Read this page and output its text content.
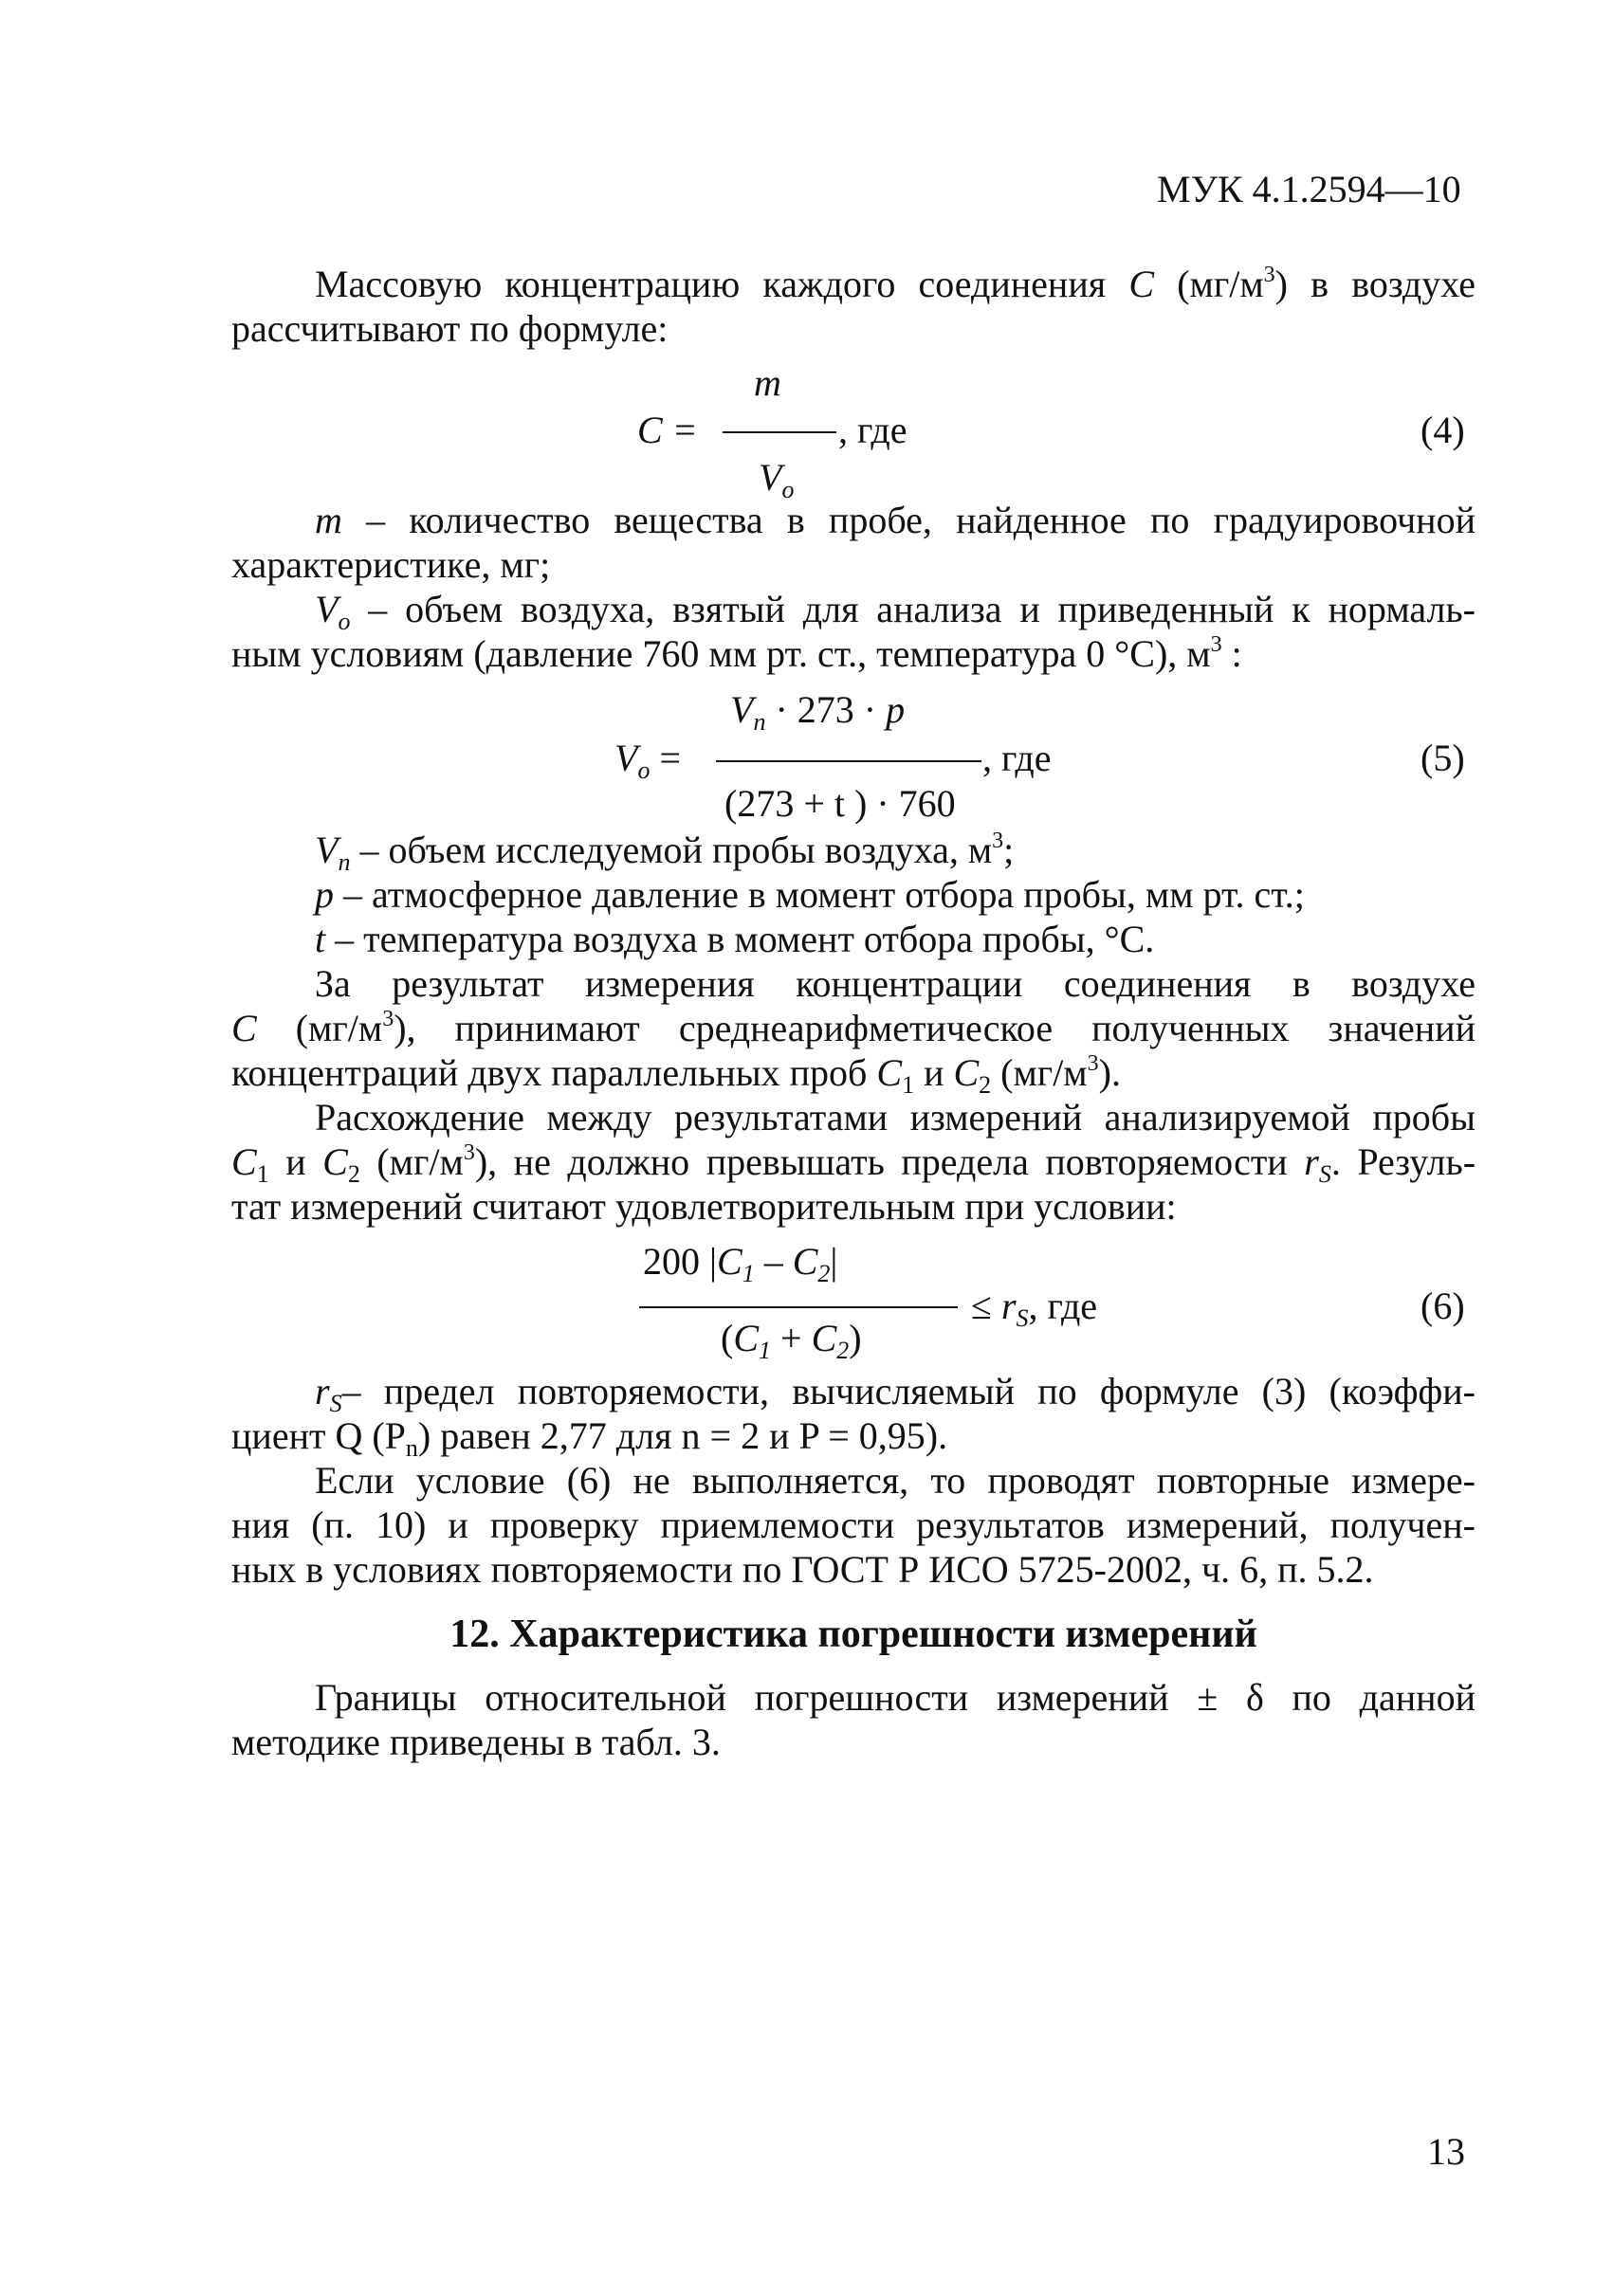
МУК 4.1.2594—10
Массовую концентрацию каждого соединения C $(мг/м^3)$ в воздухе
рассчитывают по формуле:
m
C =	, где
$V_o$
(4)
m – количество вещества в пробе, найденное по градуировочной
характеристике, мг;
$V_o$ – объем воздуха, взятый для анализа и приведенный к нормаль-
ным условиям (давление 760 мм рт. ст., температура 0 °С), $м^3$ :
$V_n \cdot 273 \cdot p$
$V_o$ =	, где
(273 + t ) · 760
(5)
$V_n$ – объем исследуемой пробы воздуха, $м^3$;
p – атмосферное давление в момент отбора пробы, мм рт. ст.;
t – температура воздуха в момент отбора пробы, °С.
За результат измерения концентрации соединения в воздухе
C $(мг/м^3)$, принимают среднеарифметическое полученных значений
концентраций двух параллельных проб $C_1$ и $C_2$ $(мг/м^3)$.
Расхождение между результатами измерений анализируемой пробы
$C_1$ и $C_2$ $(мг/м^3)$, не должно превышать предела повторяемости $r_S$. Резуль-
тат измерений считают удовлетворительным при условии:
200 $|C_1 - C_2|$
≤ $r_S$, где
$(C_1 + C_2)$
(6)
$r_S-$ предел повторяемости, вычисляемый по формуле (3) (коэффи-
циент Q $(P_n)$ равен 2,77 для n = 2 и P = 0,95).
Если условие (6) не выполняется, то проводят повторные измере-
ния (п. 10) и проверку приемлемости результатов измерений, получен-
ных в условиях повторяемости по ГОСТ Р ИСО 5725-2002, ч. 6, п. 5.2.
12. Характеристика погрешности измерений
Границы относительной погрешности измерений ± δ по данной
методике приведены в табл. 3.
13
